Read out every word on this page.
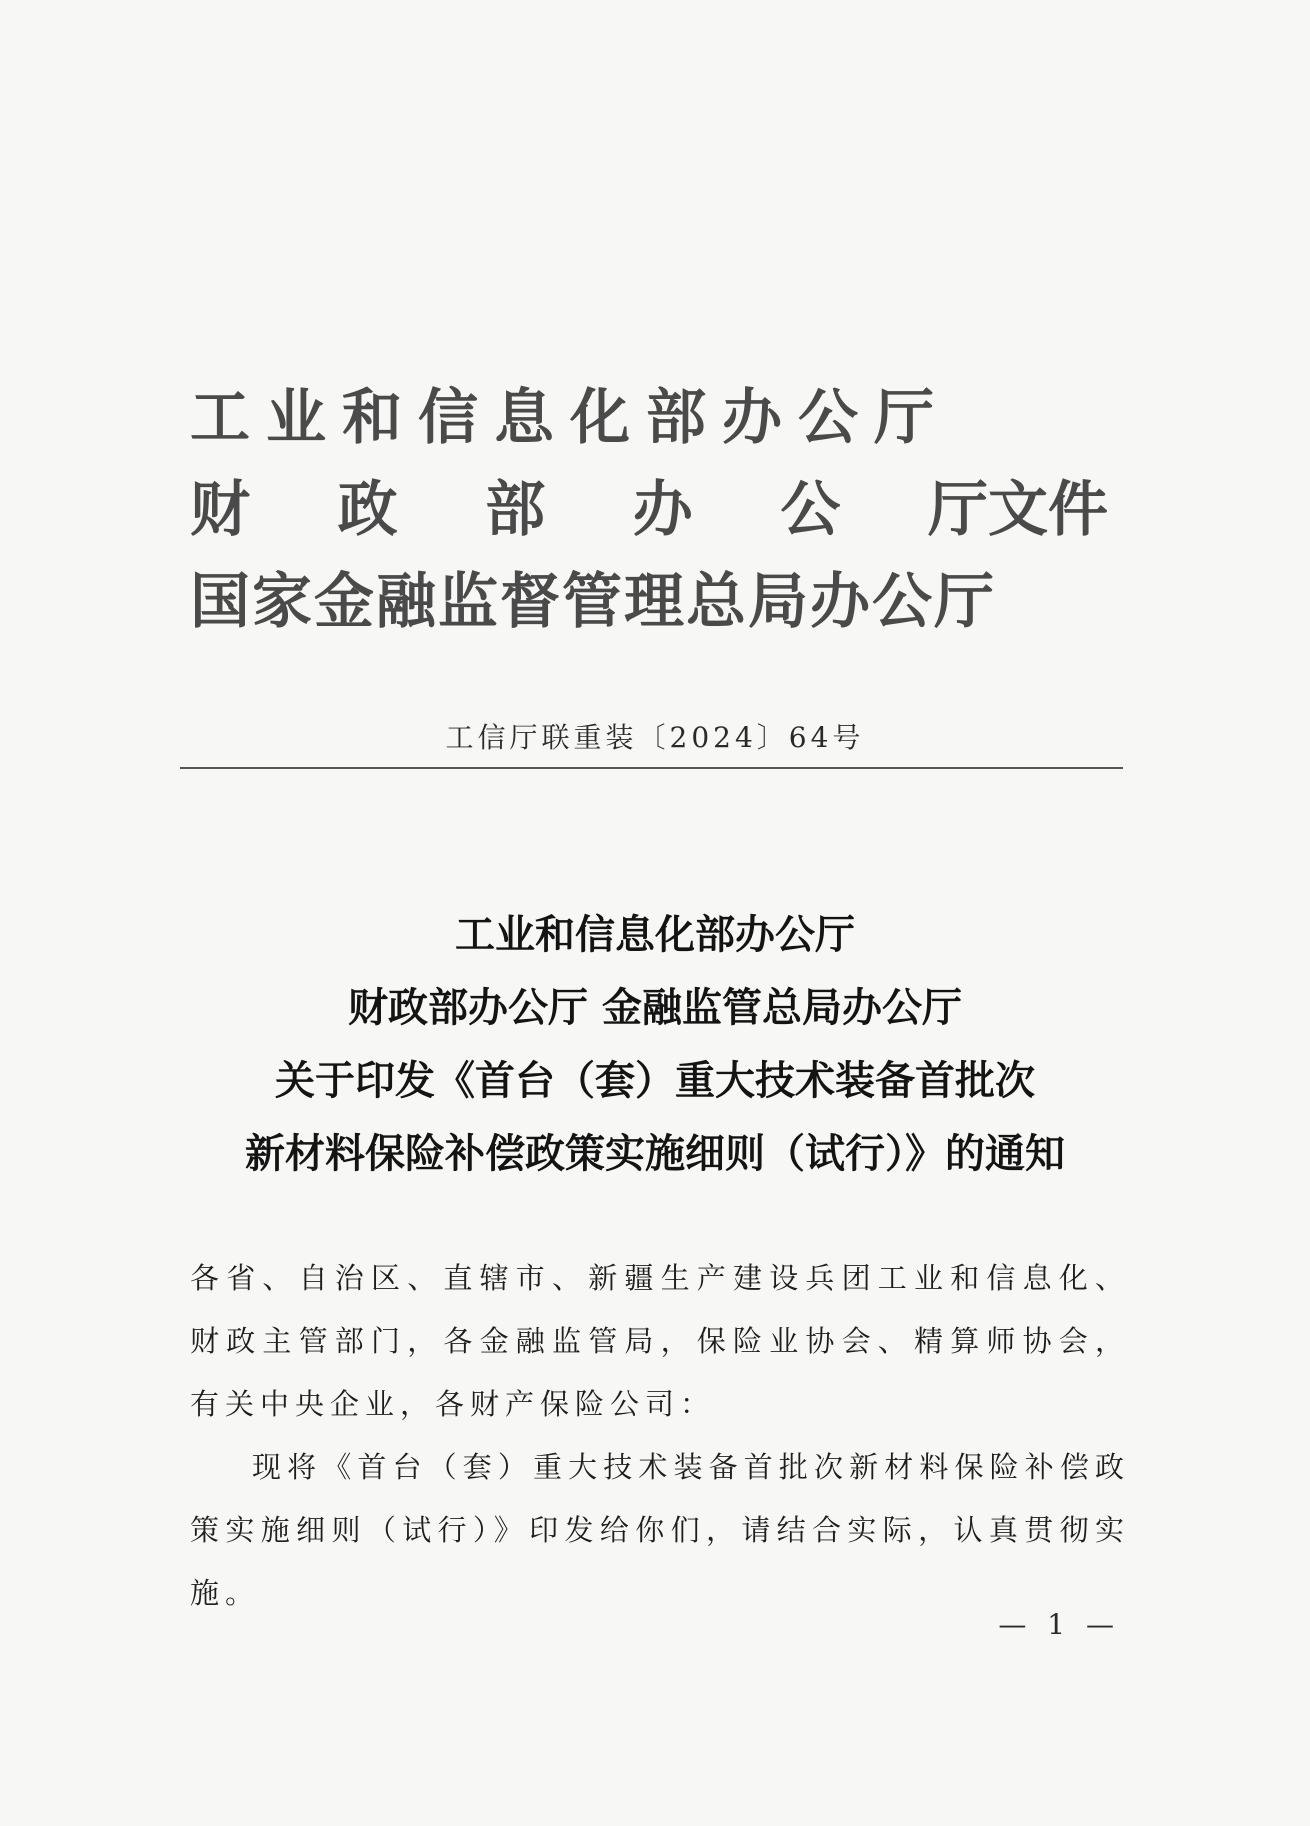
工业和信息化部办公厅
财 政 部 办 公 厅文件
国家金融监督管理总局办公厅
工信厅联重装〔2024〕64号
工业和信息化部办公厅
财政部办公厅 金融监管总局办公厅
关于印发《首台（套）重大技术装备首批次
新材料保险补偿政策实施细则（试行）》的通知

各省、自治区、直辖市、新疆生产建设兵团工业和信息化、财政主管部门，各金融监管局，保险业协会、精算师协会，有关中央企业，各财产保险公司：

现将《首台（套）重大技术装备首批次新材料保险补偿政策实施细则（试行）》印发给你们，请结合实际，认真贯彻实施。

— 1 —
